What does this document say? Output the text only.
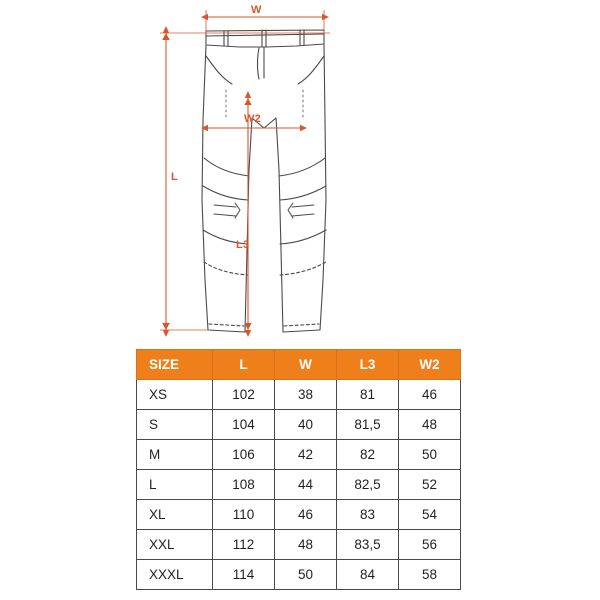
W
W2
L
L3
SIZE	L	W	L3	W2
XS	102	38	81	46
S	104	40	81,5	48
M	106	42	82	50
L	108	44	82,5	52
XL	110	46	83	54
XXL	112	48	83,5	56
XXXL	114	50	84	58
